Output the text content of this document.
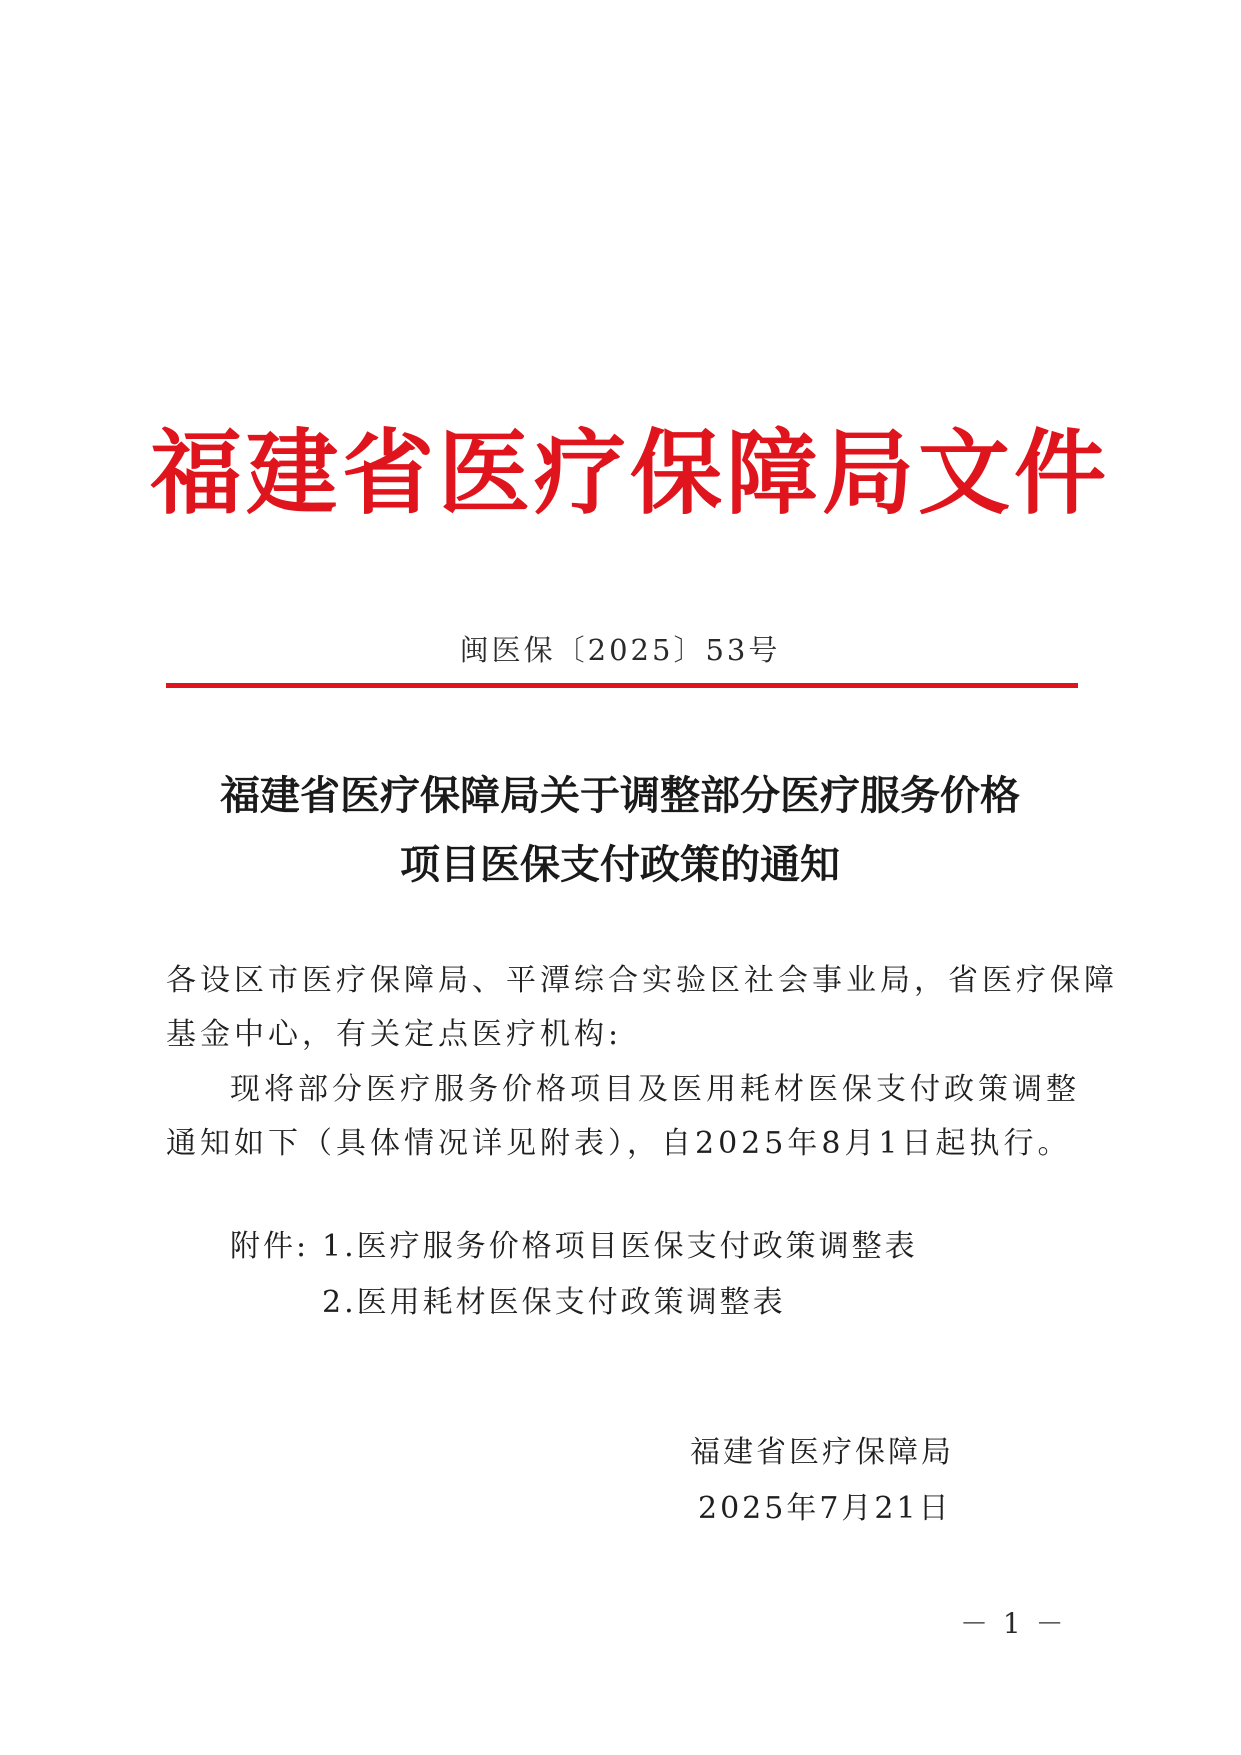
福建省医疗保障局文件
闽医保〔2025〕53号
福建省医疗保障局关于调整部分医疗服务价格
项目医保支付政策的通知
各设区市医疗保障局、平潭综合实验区社会事业局，省医疗保障
基金中心，有关定点医疗机构:
现将部分医疗服务价格项目及医用耗材医保支付政策调整
通知如下（具体情况详见附表），自2025年8月1日起执行。
附件: 1.医疗服务价格项目医保支付政策调整表
2.医用耗材医保支付政策调整表
福建省医疗保障局
2025年7月21日
－ 1 －
